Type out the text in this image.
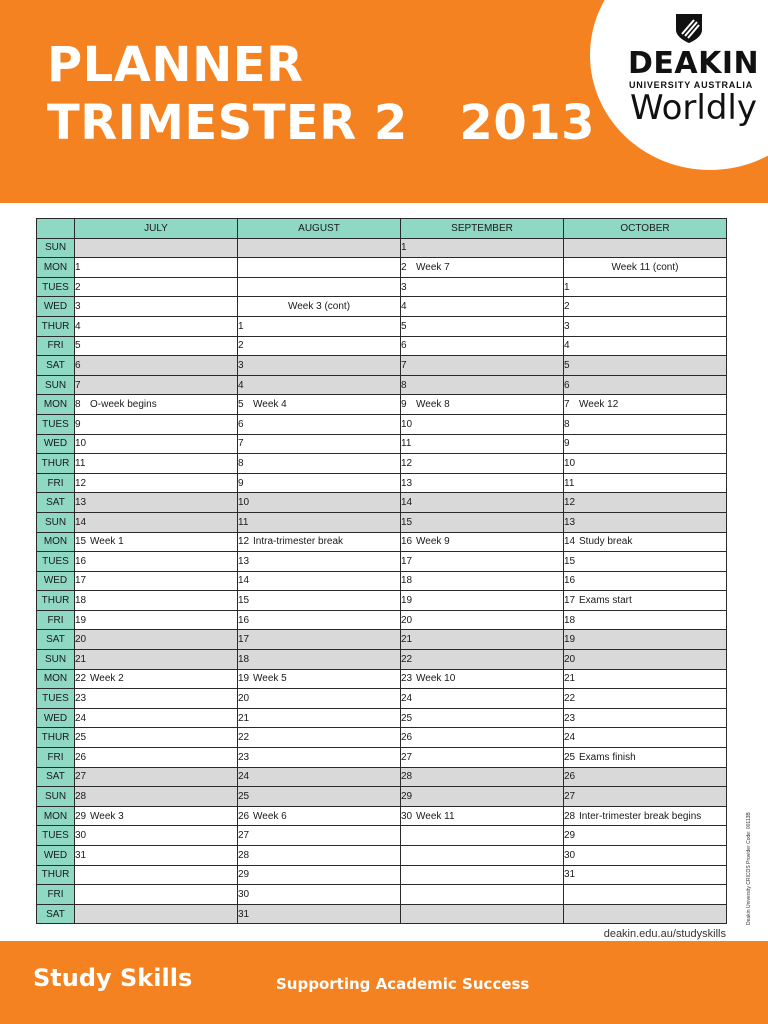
PLANNER
TRIMESTER 2   2013
DEAKIN
UNIVERSITY AUSTRALIA
Worldly
	JULY	AUGUST	SEPTEMBER	OCTOBER
SUN			1	
MON	1		2 Week 7	Week 11 (cont)

TUES	2		3	1
WED	3	Week 3 (cont)	4	2
THUR	4	1	5	3
FRI	5	2	6	4
SAT	6	3	7	5
SUN	7	4	8	6
MON	8 O-week begins	5 Week 4	9 Week 8	7 Week 12
TUES	9	6	10	8
WED	10	7	11	9
THUR	11	8	12	10
FRI	12	9	13	11
SAT	13	10	14	12
SUN	14	11	15	13
MON	15 Week 1	12 Intra-trimester break	16 Week 9	14 Study break
TUES	16	13	17	15
WED	17	14	18	16
THUR	18	15	19	17 Exams start
FRI	19	16	20	18
SAT	20	17	21	19
SUN	21	18	22	20
MON	22 Week 2	19 Week 5	23 Week 10	21
TUES	23	20	24	22
WED	24	21	25	23
THUR	25	22	26	24
FRI	26	23	27	25 Exams finish
SAT	27	24	28	26
SUN	28	25	29	27
MON	29 Week 3	26 Week 6	30 Week 11	28 Inter-trimester break begins
TUES	30	27		29
WED	31	28		30
THUR		29		31
FRI		30		
SAT		31		
deakin.edu.au/studyskills
Deakin University CRICOS Provider Code: 00113B
Study Skills	Supporting Academic Success
